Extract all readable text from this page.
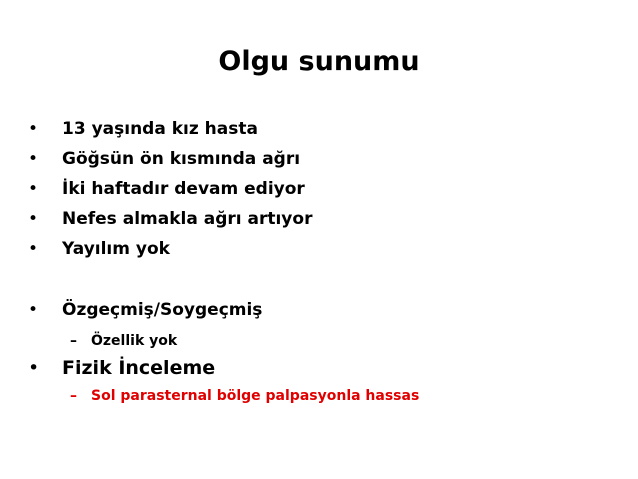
Olgu sunumu
• 13 yaşında kız hasta
• Göğsün ön kısmında ağrı
• İki haftadır devam ediyor
• Nefes almakla ağrı artıyor
• Yayılım yok
• Özgeçmiş/Soygeçmiş
– Özellik yok
• Fizik İnceleme
– Sol parasternal bölge palpasyonla hassas
